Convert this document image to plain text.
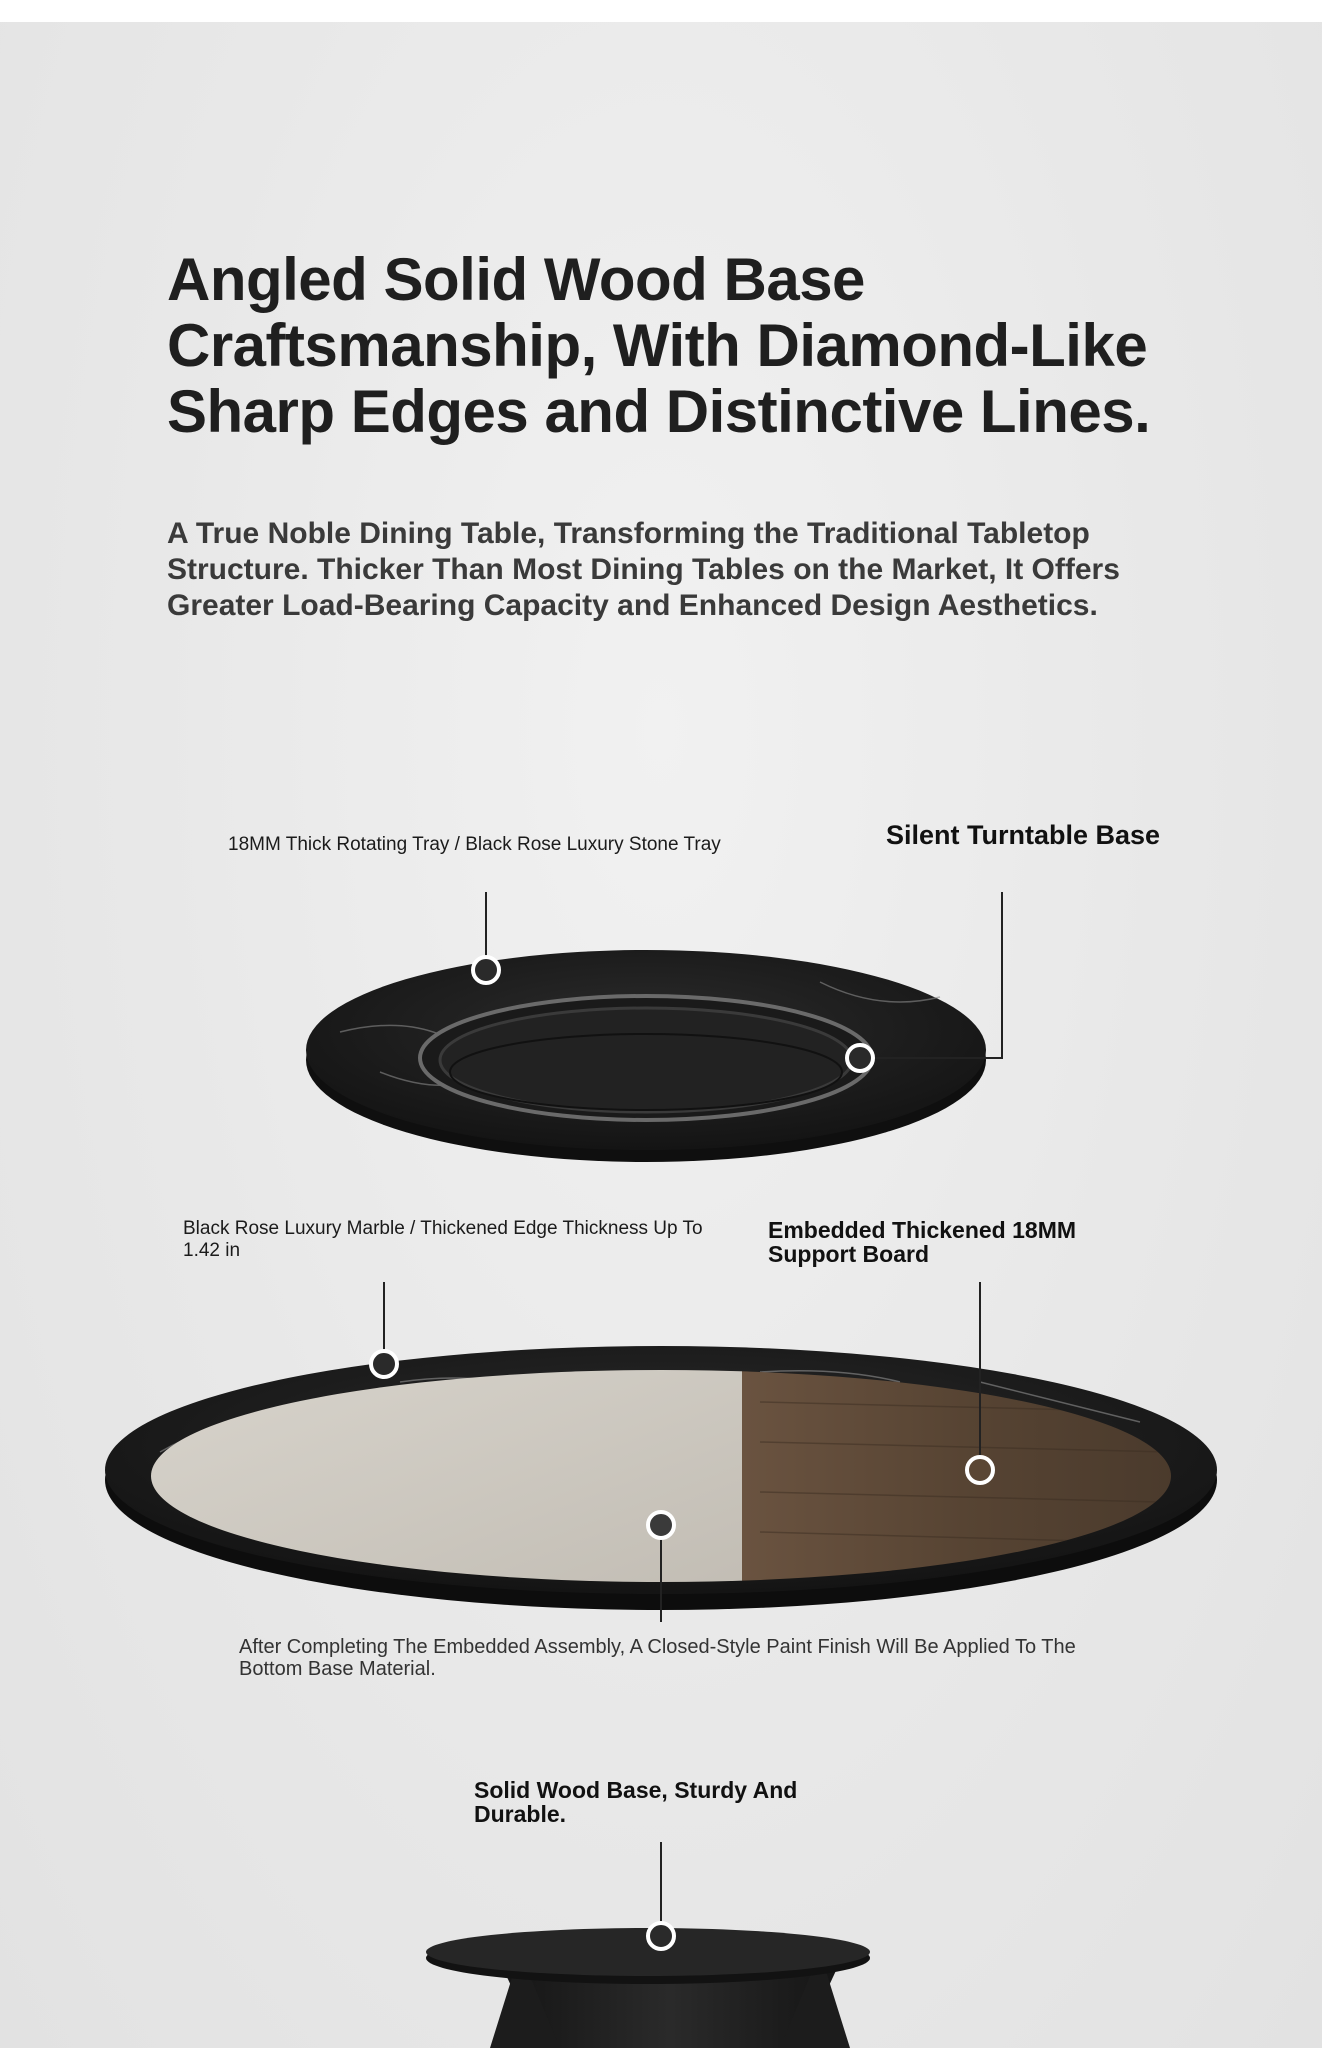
Angled Solid Wood Base Craftsmanship, With Diamond-Like Sharp Edges and Distinctive Lines.

A True Noble Dining Table, Transforming the Traditional Tabletop Structure. Thicker Than Most Dining Tables on the Market, It Offers Greater Load-Bearing Capacity and Enhanced Design Aesthetics.

18MM Thick Rotating Tray / Black Rose Luxury Stone Tray	Silent Turntable Base

Black Rose Luxury Marble / Thickened Edge Thickness Up To 1.42 in

Embedded Thickened 18MM Support Board

After Completing The Embedded Assembly, A Closed-Style Paint Finish Will Be Applied To The Bottom Base Material.

Solid Wood Base, Sturdy And Durable.
